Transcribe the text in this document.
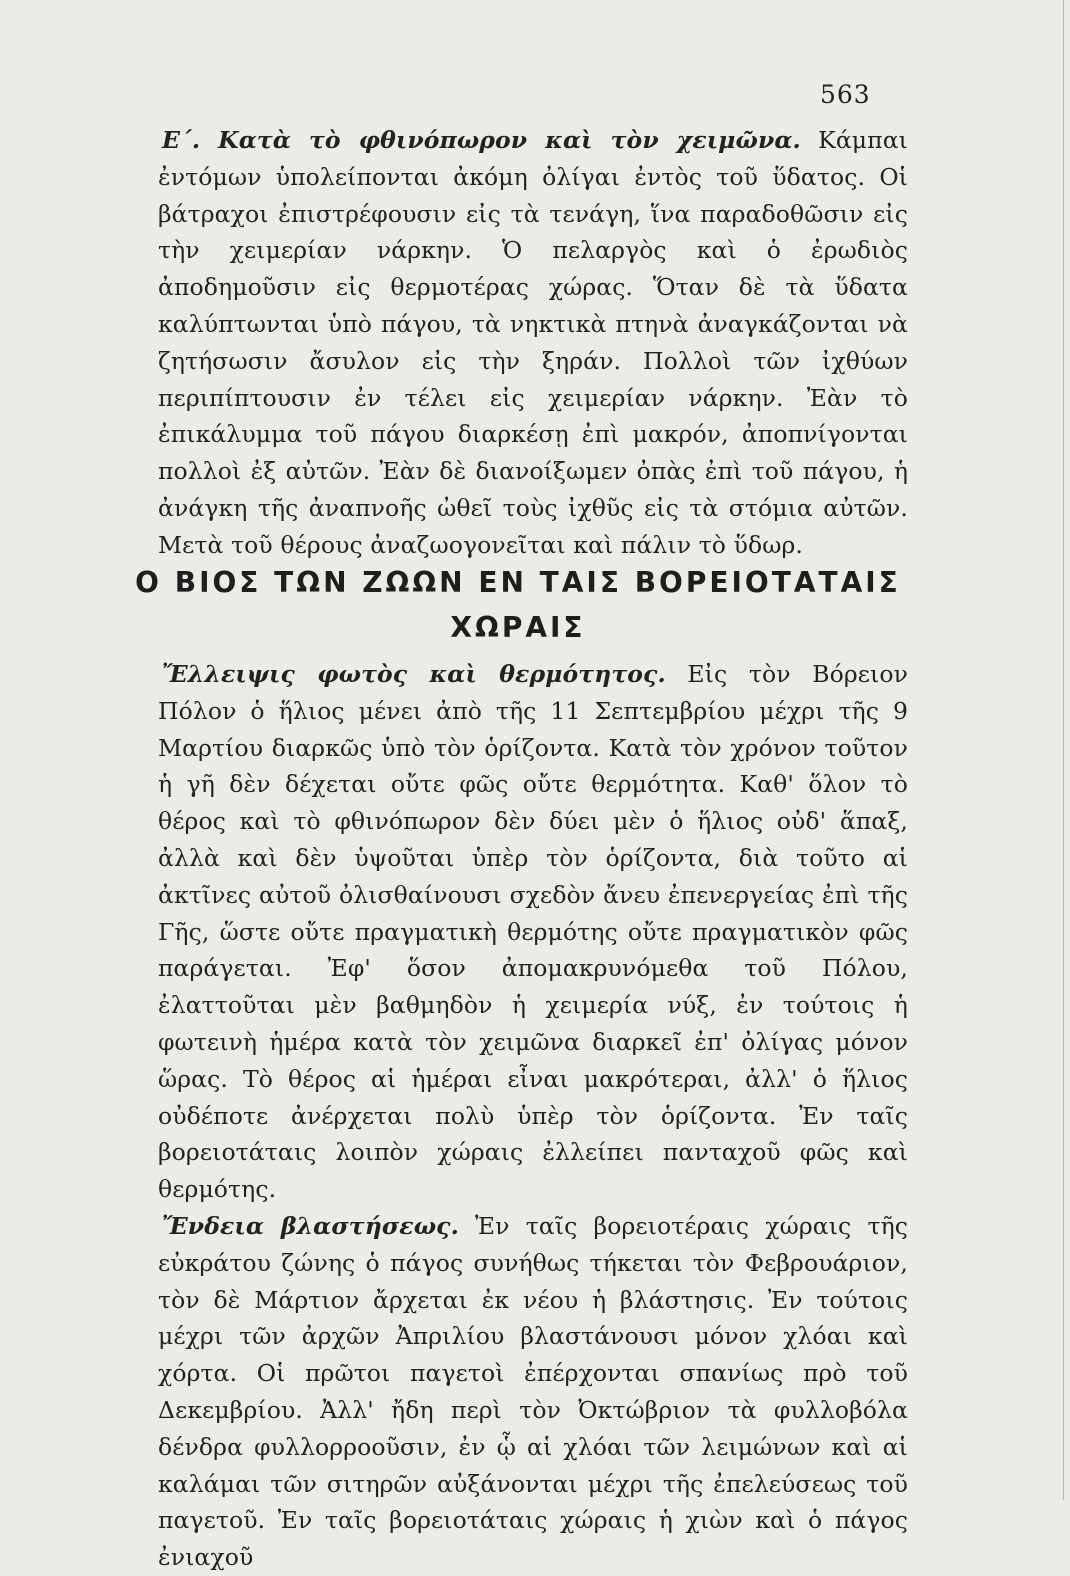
563

Ε΄. Κατὰ τὸ φθινόπωρον καὶ τὸν χειμῶνα. Κάμπαι ἐντόμων ὑπολείπονται ἀκόμη ὀλίγαι ἐντὸς τοῦ ὕδατος. Οἱ βάτραχοι ἐπιστρέφουσιν εἰς τὰ τενάγη, ἵνα παραδοθῶσιν εἰς τὴν χειμερίαν νάρκην. Ὁ πελαργὸς καὶ ὁ ἐρωδιὸς ἀποδημοῦσιν εἰς θερμοτέρας χώρας. Ὅταν δὲ τὰ ὕδατα καλύπτωνται ὑπὸ πάγου, τὰ νηκτικὰ πτηνὰ ἀναγκάζονται νὰ ζητήσωσιν ἄσυλον εἰς τὴν ξηράν. Πολλοὶ τῶν ἰχθύων περιπίπτουσιν ἐν τέλει εἰς χειμερίαν νάρκην. Ἐὰν τὸ ἐπικάλυμμα τοῦ πάγου διαρκέσῃ ἐπὶ μακρόν, ἀποπνίγονται πολλοὶ ἐξ αὐτῶν. Ἐὰν δὲ διανοίξωμεν ὀπὰς ἐπὶ τοῦ πάγου, ἡ ἀνάγκη τῆς ἀναπνοῆς ὠθεῖ τοὺς ἰχθῦς εἰς τὰ στόμια αὐτῶν. Μετὰ τοῦ θέρους ἀναζωογονεῖται καὶ πάλιν τὸ ὕδωρ.

Ο ΒΙΟΣ ΤΩΝ ΖΩΩΝ ΕΝ ΤΑΙΣ ΒΟΡΕΙΟΤΑΤΑΙΣ
ΧΩΡΑΙΣ

Ἔλλειψις φωτὸς καὶ θερμότητος. Εἰς τὸν Βόρειον Πόλον ὁ ἥλιος μένει ἀπὸ τῆς 11 Σεπτεμβρίου μέχρι τῆς 9 Μαρτίου διαρκῶς ὑπὸ τὸν ὁρίζοντα. Κατὰ τὸν χρόνον τοῦτον ἡ γῆ δὲν δέχεται οὔτε φῶς οὔτε θερμότητα. Καθ' ὅλον τὸ θέρος καὶ τὸ φθινόπωρον δὲν δύει μὲν ὁ ἥλιος οὐδ' ἅπαξ, ἀλλὰ καὶ δὲν ὑψοῦται ὑπὲρ τὸν ὁρίζοντα, διὰ τοῦτο αἱ ἀκτῖνες αὐτοῦ ὀλισθαίνουσι σχεδὸν ἄνευ ἐπενεργείας ἐπὶ τῆς Γῆς, ὥστε οὔτε πραγματικὴ θερμότης οὔτε πραγματικὸν φῶς παράγεται. Ἐφ' ὅσον ἀπομακρυνόμεθα τοῦ Πόλου, ἐλαττοῦται μὲν βαθμηδὸν ἡ χειμερία νύξ, ἐν τούτοις ἡ φωτεινὴ ἡμέρα κατὰ τὸν χειμῶνα διαρκεῖ ἐπ' ὀλίγας μόνον ὥρας. Τὸ θέρος αἱ ἡμέραι εἶναι μακρότεραι, ἀλλ' ὁ ἥλιος οὐδέποτε ἀνέρχεται πολὺ ὑπὲρ τὸν ὁρίζοντα. Ἐν ταῖς βορειοτάταις λοιπὸν χώραις ἐλλείπει πανταχοῦ φῶς καὶ θερμότης.

Ἔνδεια βλαστήσεως. Ἐν ταῖς βορειοτέραις χώραις τῆς εὐκράτου ζώνης ὁ πάγος συνήθως τήκεται τὸν Φεβρουάριον, τὸν δὲ Μάρτιον ἄρχεται ἐκ νέου ἡ βλάστησις. Ἐν τούτοις μέχρι τῶν ἀρχῶν Ἀπριλίου βλαστάνουσι μόνον χλόαι καὶ χόρτα. Οἱ πρῶτοι παγετοὶ ἐπέρχονται σπανίως πρὸ τοῦ Δεκεμβρίου. Ἀλλ' ἤδη περὶ τὸν Ὀκτώβριον τὰ φυλλοβόλα δένδρα φυλλορροοῦσιν, ἐν ᾧ αἱ χλόαι τῶν λειμώνων καὶ αἱ καλάμαι τῶν σιτηρῶν αὐξάνονται μέχρι τῆς ἐπελεύσεως τοῦ παγετοῦ. Ἐν ταῖς βορειοτάταις χώραις ἡ χιὼν καὶ ὁ πάγος ἐνιαχοῦ
